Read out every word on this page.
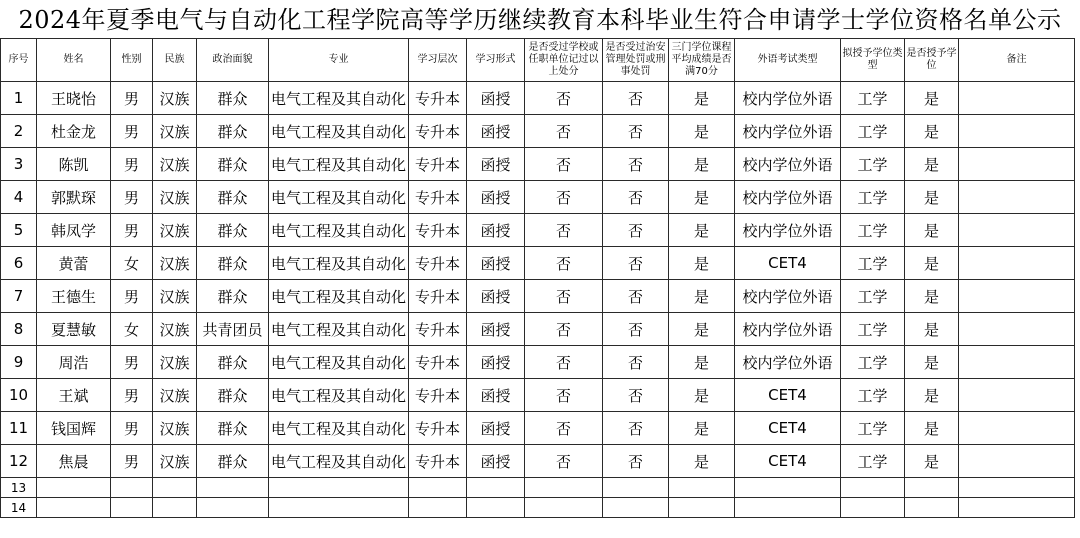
2024年夏季电气与自动化工程学院高等学历继续教育本科毕业生符合申请学士学位资格名单公示
序号	姓名	性别	民族	政治面貌	专业	学习层次	学习形式	是否受过学校或任职单位记过以上处分	是否受过治安管理处罚或刑事处罚	三门学位课程平均成绩是否满70分	外语考试类型	拟授予学位类型	是否授予学位	备注
1	王晓怡	男	汉族	群众	电气工程及其自动化	专升本	函授	否	否	是	校内学位外语	工学	是	
2	杜金龙	男	汉族	群众	电气工程及其自动化	专升本	函授	否	否	是	校内学位外语	工学	是	
3	陈凯	男	汉族	群众	电气工程及其自动化	专升本	函授	否	否	是	校内学位外语	工学	是	
4	郭默琛	男	汉族	群众	电气工程及其自动化	专升本	函授	否	否	是	校内学位外语	工学	是	
5	韩凤学	男	汉族	群众	电气工程及其自动化	专升本	函授	否	否	是	校内学位外语	工学	是	
6	黄蕾	女	汉族	群众	电气工程及其自动化	专升本	函授	否	否	是	CET4	工学	是	
7	王德生	男	汉族	群众	电气工程及其自动化	专升本	函授	否	否	是	校内学位外语	工学	是	
8	夏慧敏	女	汉族	共青团员	电气工程及其自动化	专升本	函授	否	否	是	校内学位外语	工学	是	
9	周浩	男	汉族	群众	电气工程及其自动化	专升本	函授	否	否	是	校内学位外语	工学	是	
10	王斌	男	汉族	群众	电气工程及其自动化	专升本	函授	否	否	是	CET4	工学	是	
11	钱国辉	男	汉族	群众	电气工程及其自动化	专升本	函授	否	否	是	CET4	工学	是	
12	焦晨	男	汉族	群众	电气工程及其自动化	专升本	函授	否	否	是	CET4	工学	是	
13														
14														
